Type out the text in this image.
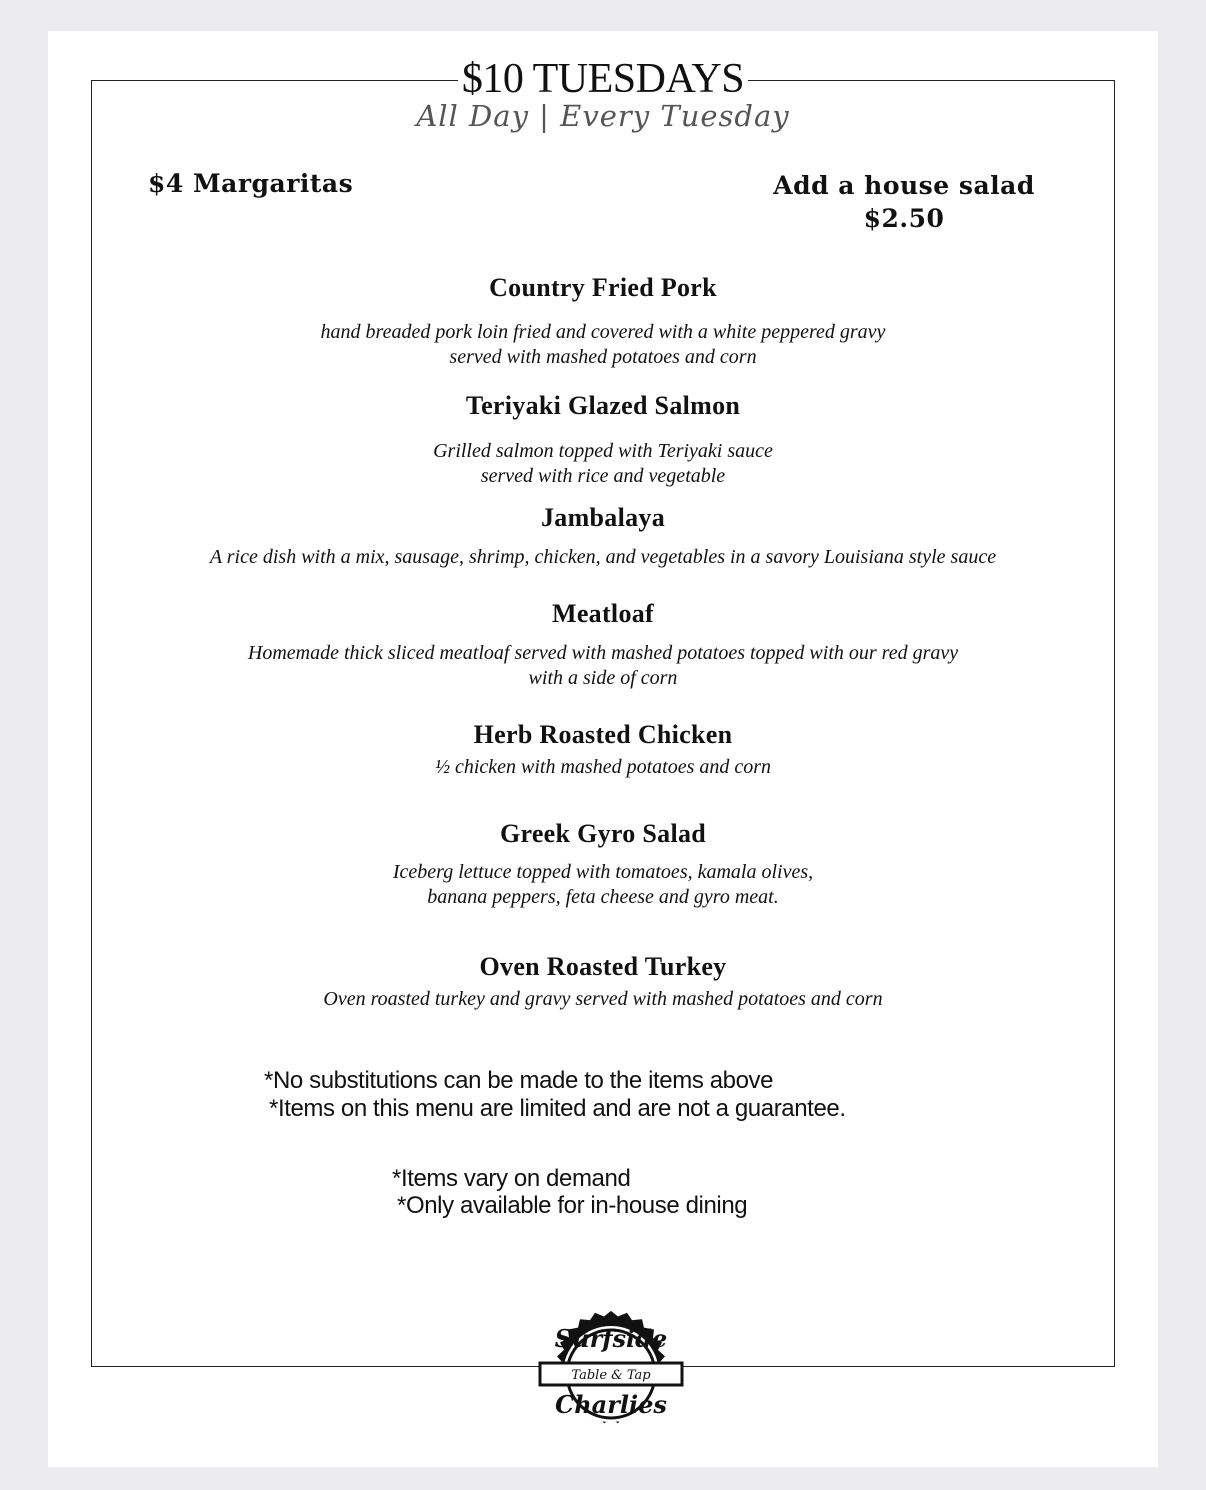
$10 TUESDAYS
All Day | Every Tuesday
$4 Margaritas	Add a house salad
$2.50
Country Fried Pork
hand breaded pork loin fried and covered with a white peppered gravy
served with mashed potatoes and corn
Teriyaki Glazed Salmon
Grilled salmon topped with Teriyaki sauce
served with rice and vegetable
Jambalaya
A rice dish with a mix, sausage, shrimp, chicken, and vegetables in a savory Louisiana style sauce
Meatloaf
Homemade thick sliced meatloaf served with mashed potatoes topped with our red gravy
with a side of corn
Herb Roasted Chicken
½ chicken with mashed potatoes and corn
Greek Gyro Salad
Iceberg lettuce topped with tomatoes, kamala olives,
banana peppers, feta cheese and gyro meat.
Oven Roasted Turkey
Oven roasted turkey and gravy served with mashed potatoes and corn
*No substitutions can be made to the items above
*Items on this menu are limited and are not a guarantee.
*Items vary on demand
*Only available for in-house dining
Surfside
Table & Tap
Charlies
